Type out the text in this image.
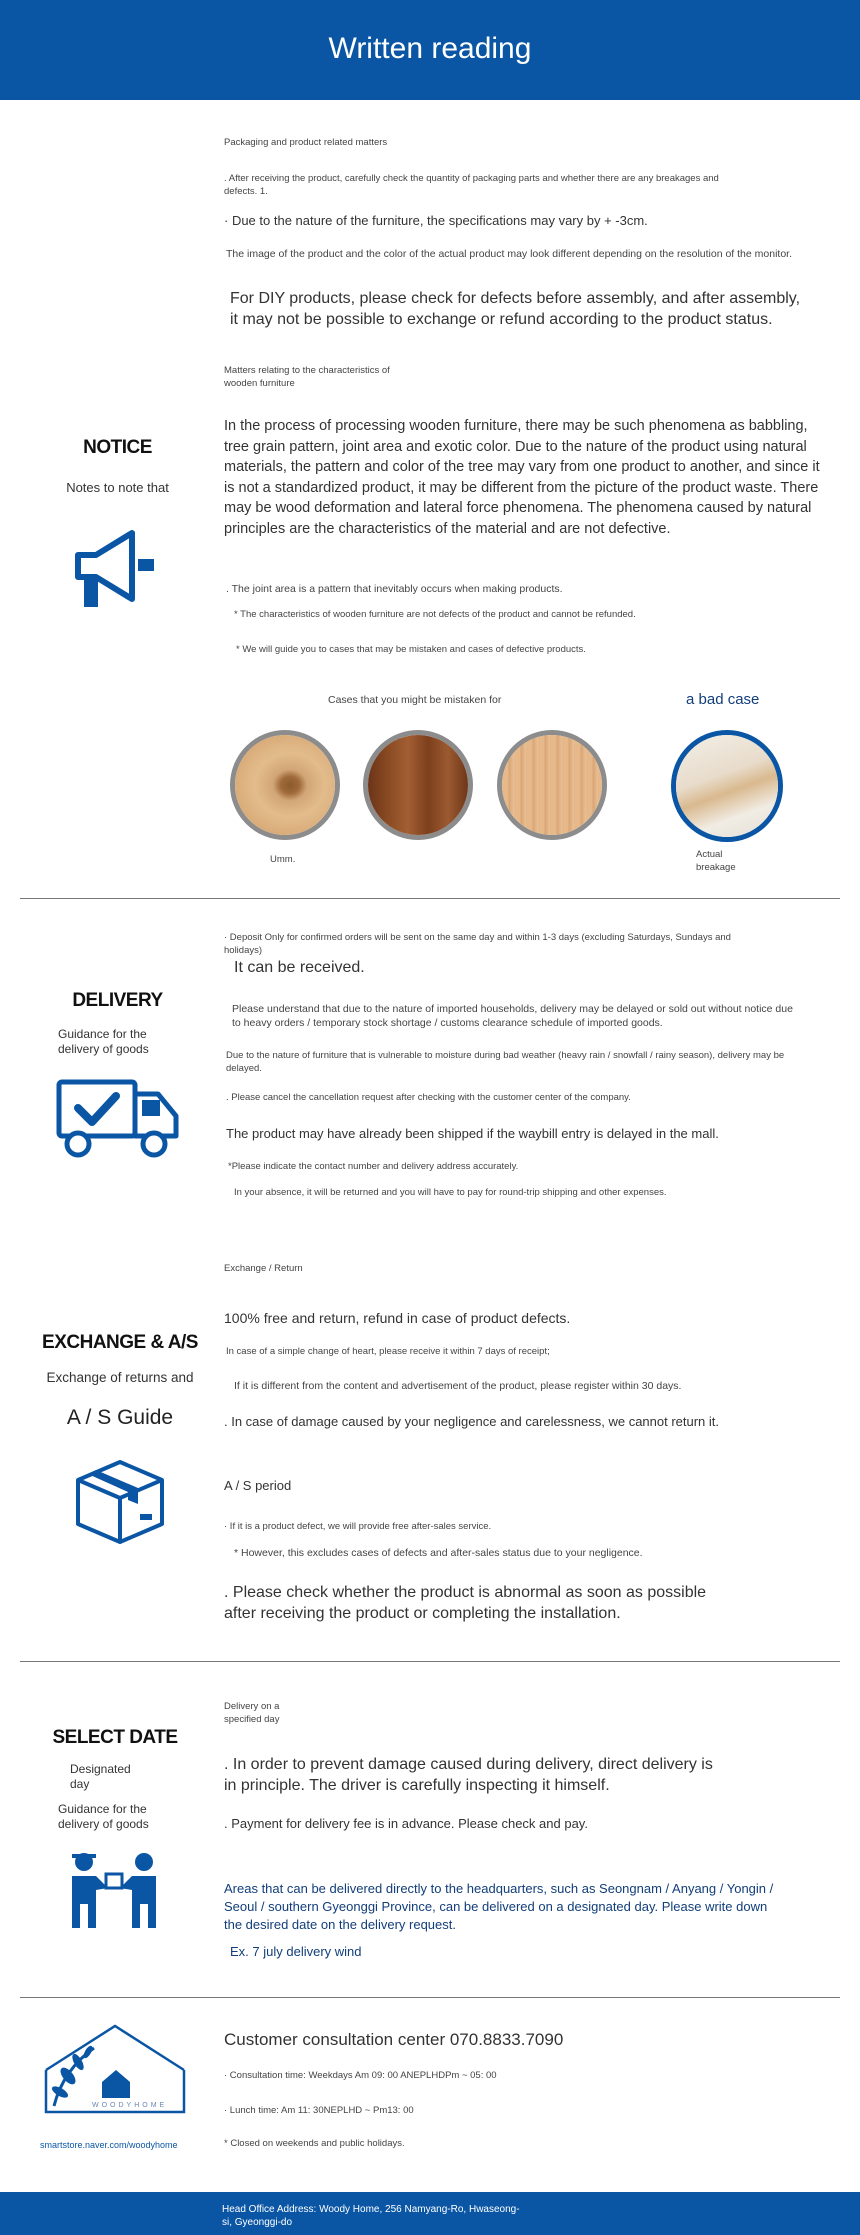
Written reading
NOTICE
Notes to note that
Packaging and product related matters
. After receiving the product, carefully check the quantity of packaging parts and whether there are any breakages and defects. 1.
· Due to the nature of the furniture, the specifications may vary by + -3cm.
The image of the product and the color of the actual product may look different depending on the resolution of the monitor.
For DIY products, please check for defects before assembly, and after assembly, it may not be possible to exchange or refund according to the product status.
Matters relating to the characteristics of wooden furniture
In the process of processing wooden furniture, there may be such phenomena as babbling, tree grain pattern, joint area and exotic color. Due to the nature of the product using natural materials, the pattern and color of the tree may vary from one product to another, and since it is not a standardized product, it may be different from the picture of the product waste. There may be wood deformation and lateral force phenomena. The phenomena caused by natural principles are the characteristics of the material and are not defective.
. The joint area is a pattern that inevitably occurs when making products.
* The characteristics of wooden furniture are not defects of the product and cannot be refunded.
* We will guide you to cases that may be mistaken and cases of defective products.
Cases that you might be mistaken for	a bad case
Umm.	Actual breakage
DELIVERY
Guidance for the delivery of goods
· Deposit Only for confirmed orders will be sent on the same day and within 1-3 days (excluding Saturdays, Sundays and holidays)
It can be received.
Please understand that due to the nature of imported households, delivery may be delayed or sold out without notice due to heavy orders / temporary stock shortage / customs clearance schedule of imported goods.
Due to the nature of furniture that is vulnerable to moisture during bad weather (heavy rain / snowfall / rainy season), delivery may be delayed.
. Please cancel the cancellation request after checking with the customer center of the company.
The product may have already been shipped if the waybill entry is delayed in the mall.
*Please indicate the contact number and delivery address accurately.
In your absence, it will be returned and you will have to pay for round-trip shipping and other expenses.
EXCHANGE & A/S
Exchange of returns and
A / S Guide
Exchange / Return
100% free and return, refund in case of product defects.
In case of a simple change of heart, please receive it within 7 days of receipt;
If it is different from the content and advertisement of the product, please register within 30 days.
. In case of damage caused by your negligence and carelessness, we cannot return it.
A / S period
· If it is a product defect, we will provide free after-sales service.
* However, this excludes cases of defects and after-sales status due to your negligence.
. Please check whether the product is abnormal as soon as possible after receiving the product or completing the installation.
SELECT DATE
Designated day
Guidance for the delivery of goods
Delivery on a specified day
. In order to prevent damage caused during delivery, direct delivery is in principle. The driver is carefully inspecting it himself.
. Payment for delivery fee is in advance. Please check and pay.
Areas that can be delivered directly to the headquarters, such as Seongnam / Anyang / Yongin / Seoul / southern Gyeonggi Province, can be delivered on a designated day. Please write down the desired date on the delivery request.
Ex. 7 july delivery wind
WOODYHOME
smartstore.naver.com/woodyhome
Customer consultation center 070.8833.7090
· Consultation time: Weekdays Am 09: 00 ANEPLHDPm ~ 05: 00
· Lunch time: Am 11: 30NEPLHD ~ Pm13: 00
* Closed on weekends and public holidays.
Head Office Address: Woody Home, 256 Namyang-Ro, Hwaseong-si, Gyeonggi-do
